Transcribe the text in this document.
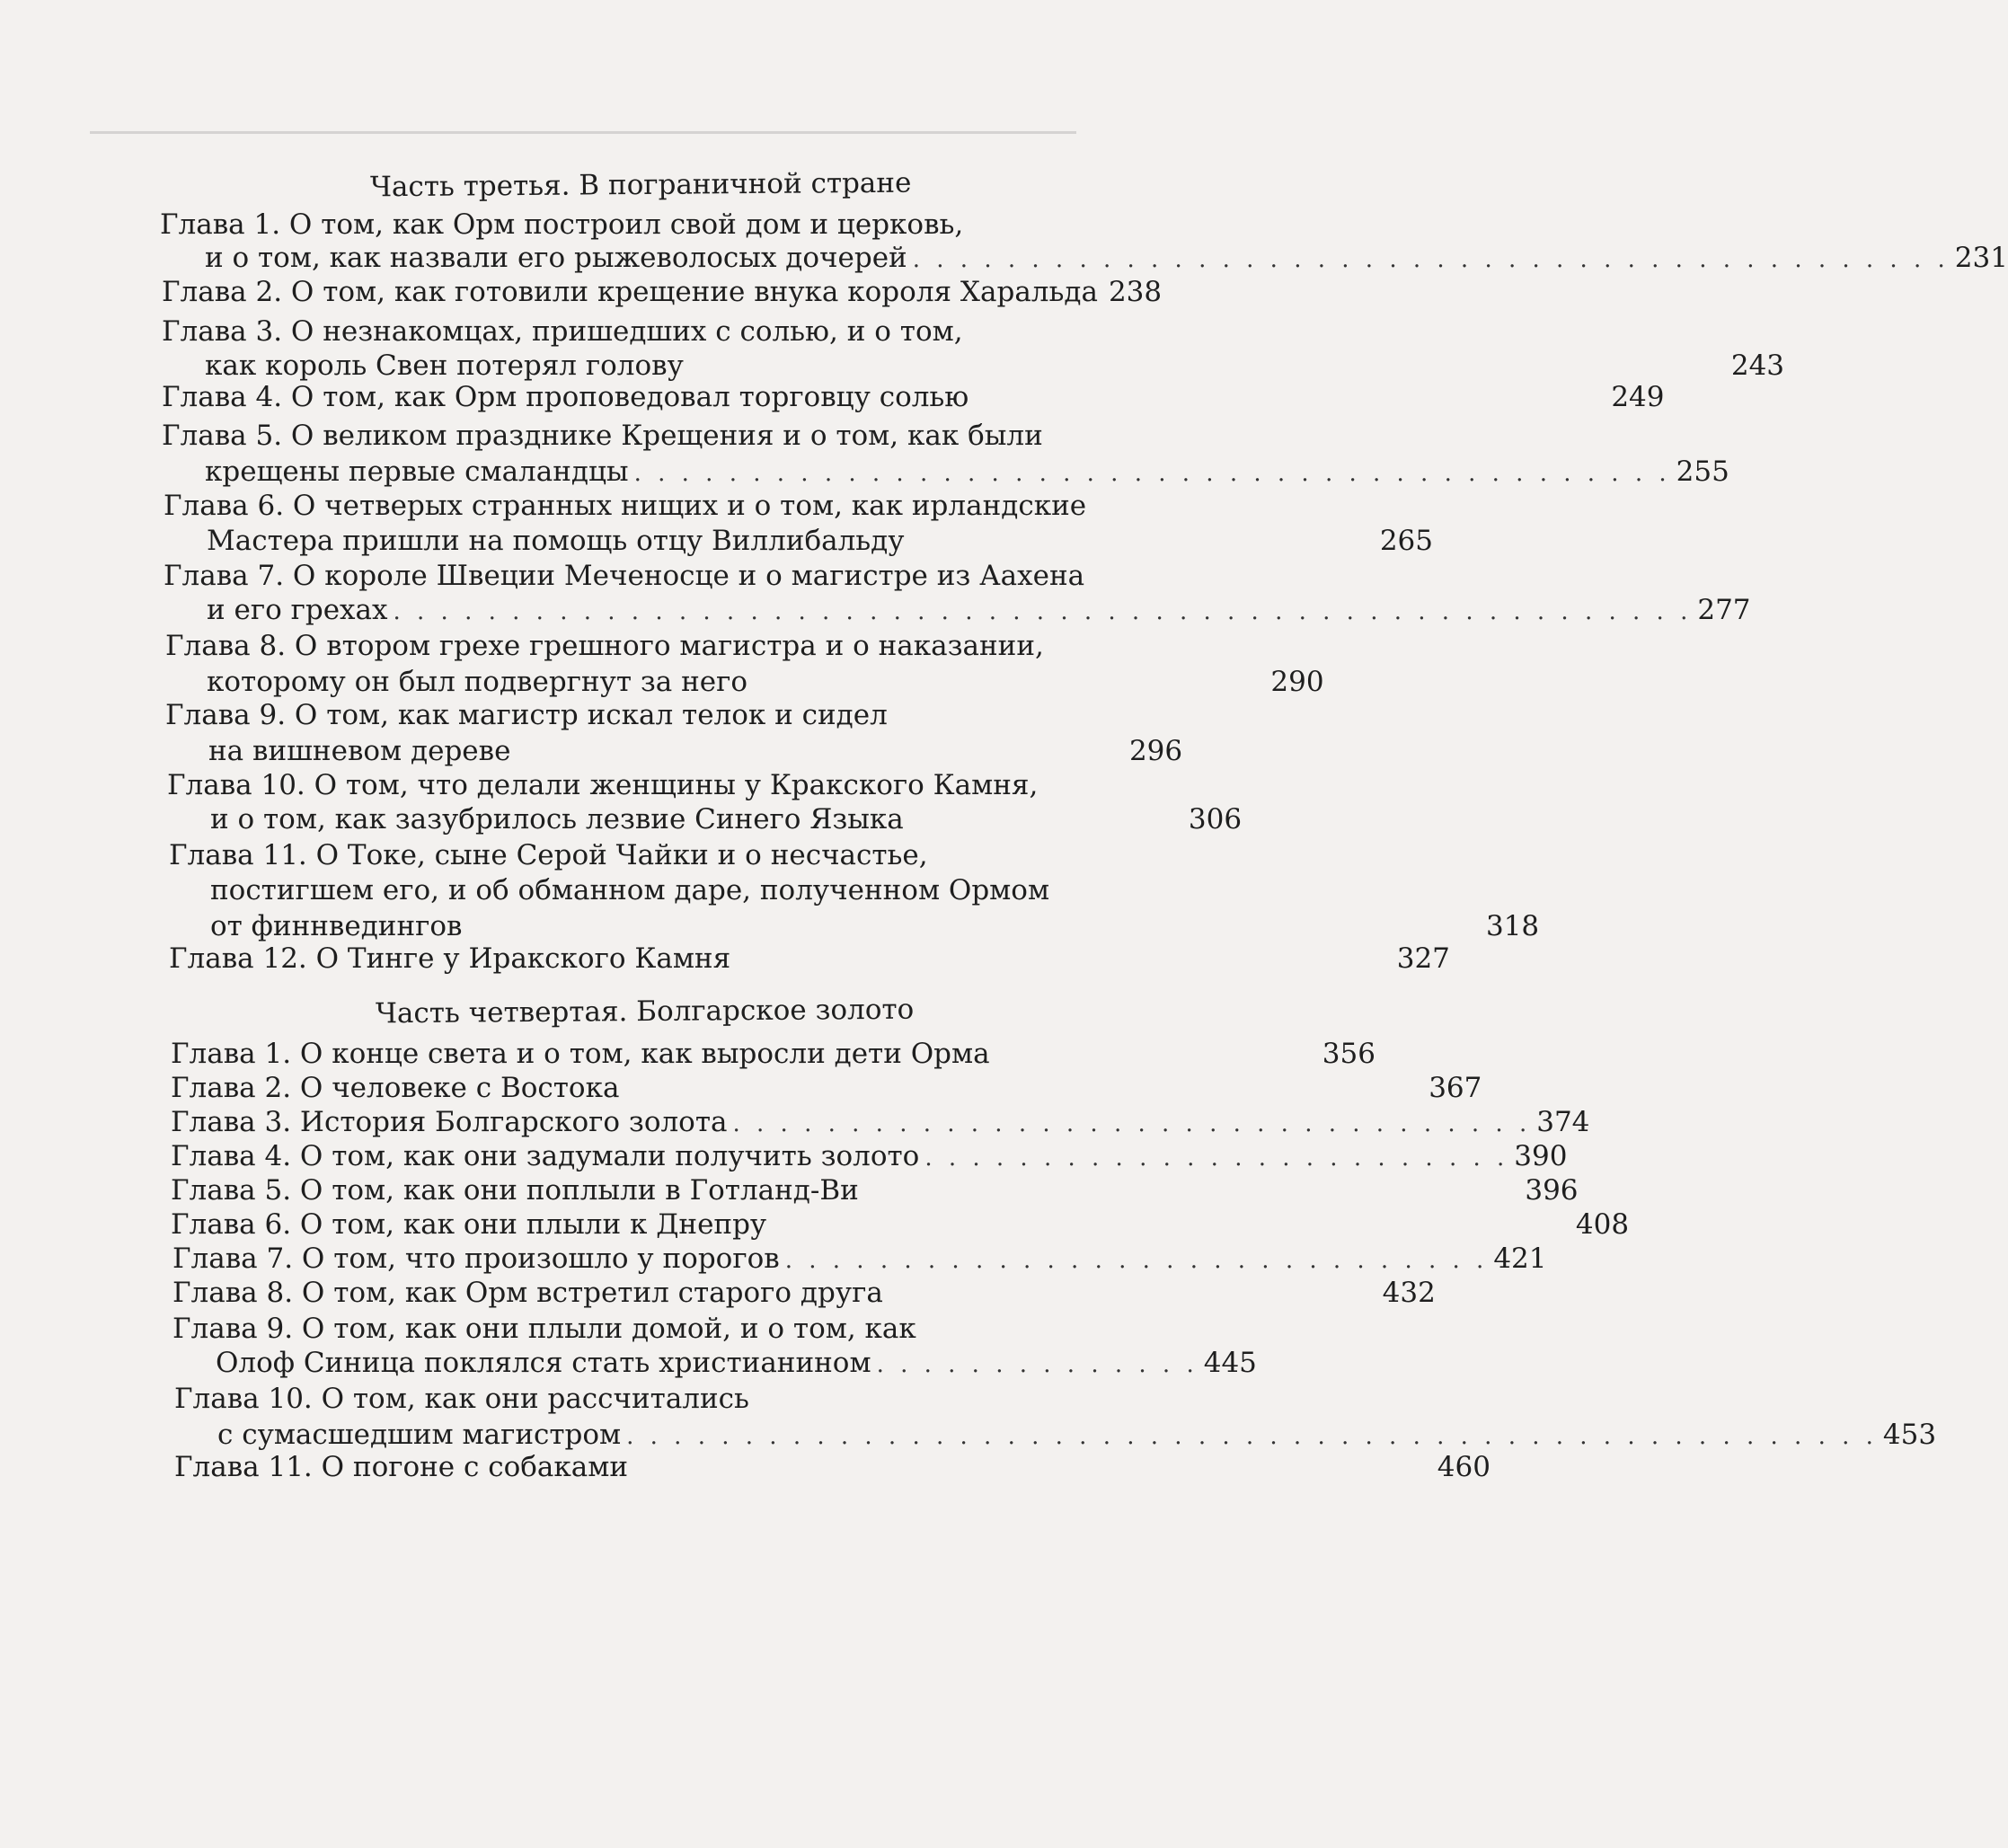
Часть третья. В пограничной стране
Часть четвертая. Болгарское золото
Глава 1. О том, как Орм построил свой дом и церковь,
и о том, как назвали его рыжеволосых дочерей . . . . . . . . . . . . . . . . . . . . . . . . . . . . . . . . . . . . . . . . . . . . 231
Глава 2. О том, как готовили крещение внука короля Харальда 238
Глава 3. О незнакомцах, пришедших с солью, и о том,
как король Свен потерял голову	243
Глава 4. О том, как Орм проповедовал торговцу солью	249
Глава 5. О великом празднике Крещения и о том, как были
крещены первые смаландцы . . . . . . . . . . . . . . . . . . . . . . . . . . . . . . . . . . . . . . . . . . . . 255
Глава 6. О четверых странных нищих и о том, как ирландские
Мастера пришли на помощь отцу Виллибальду	265
Глава 7. О короле Швеции Меченосце и о магистре из Аахена
и его грехах . . . . . . . . . . . . . . . . . . . . . . . . . . . . . . . . . . . . . . . . . . . . . . . . . . . . . . . 277
Глава 8. О втором грехе грешного магистра и о наказании,
которому он был подвергнут за него	290
Глава 9. О том, как магистр искал телок и сидел
на вишневом дереве	296
Глава 10. О том, что делали женщины у Кракского Камня,
и о том, как зазубрилось лезвие Синего Языка	306
Глава 11. О Токе, сыне Серой Чайки и о несчастье,
постигшем его, и об обманном даре, полученном Ормом
от финнведингов	318
Глава 12. О Тинге у Иракского Камня	327
Глава 1. О конце света и о том, как выросли дети Орма	356
Глава 2. О человеке с Востока	367
Глава 3. История Болгарского золота . . . . . . . . . . . . . . . . . . . . . . . . . . . . . . . . . . 374
Глава 4. О том, как они задумали получить золото . . . . . . . . . . . . . . . . . . . . . . . . . 390
Глава 5. О том, как они поплыли в Готланд-Ви	396
Глава 6. О том, как они плыли к Днепру	408
Глава 7. О том, что произошло у порогов . . . . . . . . . . . . . . . . . . . . . . . . . . . . . . 421
Глава 8. О том, как Орм встретил старого друга	432
Глава 9. О том, как они плыли домой, и о том, как
Олоф Синица поклялся стать христианином . . . . . . . . . . . . . . 445
Глава 10. О том, как они рассчитались
с сумасшедшим магистром . . . . . . . . . . . . . . . . . . . . . . . . . . . . . . . . . . . . . . . . . . . . . . . . . . . . . 453
Глава 11. О погоне с собаками	460
